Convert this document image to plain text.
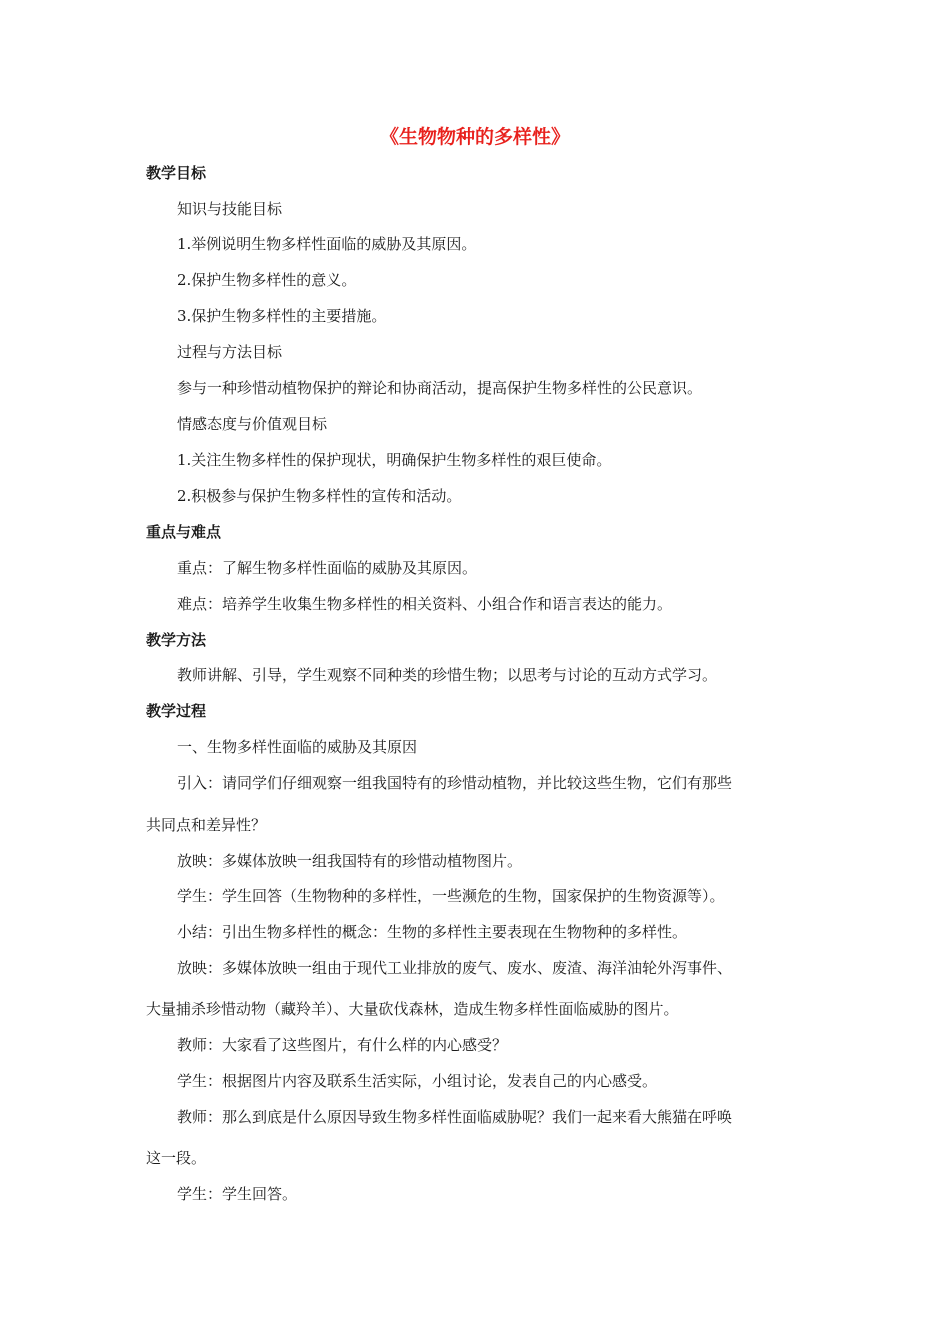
《生物物种的多样性》
教学目标
知识与技能目标
1.举例说明生物多样性面临的威胁及其原因。
2.保护生物多样性的意义。
3.保护生物多样性的主要措施。
过程与方法目标
参与一种珍惜动植物保护的辩论和协商活动，提高保护生物多样性的公民意识。
情感态度与价值观目标
1.关注生物多样性的保护现状，明确保护生物多样性的艰巨使命。
2.积极参与保护生物多样性的宣传和活动。
重点与难点
重点：了解生物多样性面临的威胁及其原因。
难点：培养学生收集生物多样性的相关资料、小组合作和语言表达的能力。
教学方法
教师讲解、引导，学生观察不同种类的珍惜生物；以思考与讨论的互动方式学习。
教学过程
一、生物多样性面临的威胁及其原因
引入：请同学们仔细观察一组我国特有的珍惜动植物，并比较这些生物，它们有那些
共同点和差异性？
放映：多媒体放映一组我国特有的珍惜动植物图片。
学生：学生回答（生物物种的多样性，一些濒危的生物，国家保护的生物资源等）。
小结：引出生物多样性的概念：生物的多样性主要表现在生物物种的多样性。
放映：多媒体放映一组由于现代工业排放的废气、废水、废渣、海洋油轮外泻事件、
大量捕杀珍惜动物（藏羚羊）、大量砍伐森林，造成生物多样性面临威胁的图片。
教师：大家看了这些图片，有什么样的内心感受？
学生：根据图片内容及联系生活实际，小组讨论，发表自己的内心感受。
教师：那么到底是什么原因导致生物多样性面临威胁呢？我们一起来看大熊猫在呼唤
这一段。
学生：学生回答。
